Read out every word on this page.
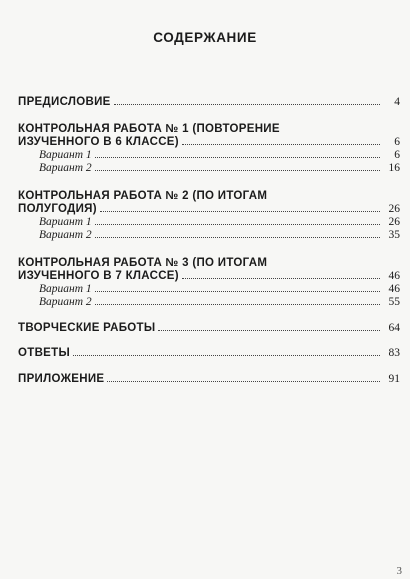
СОДЕРЖАНИЕ
ПРЕДИСЛОВИЕ	4
КОНТРОЛЬНАЯ РАБОТА № 1 (ПОВТОРЕНИЕ
ИЗУЧЕННОГО В 6 КЛАССЕ)	6
Вариант 1	6
Вариант 2	16
КОНТРОЛЬНАЯ РАБОТА № 2 (ПО ИТОГАМ
ПОЛУГОДИЯ)	26
Вариант 1	26
Вариант 2	35
КОНТРОЛЬНАЯ РАБОТА № 3 (ПО ИТОГАМ
ИЗУЧЕННОГО В 7 КЛАССЕ)	46
Вариант 1	46
Вариант 2	55
ТВОРЧЕСКИЕ РАБОТЫ	64
ОТВЕТЫ	83
ПРИЛОЖЕНИЕ	91
3
